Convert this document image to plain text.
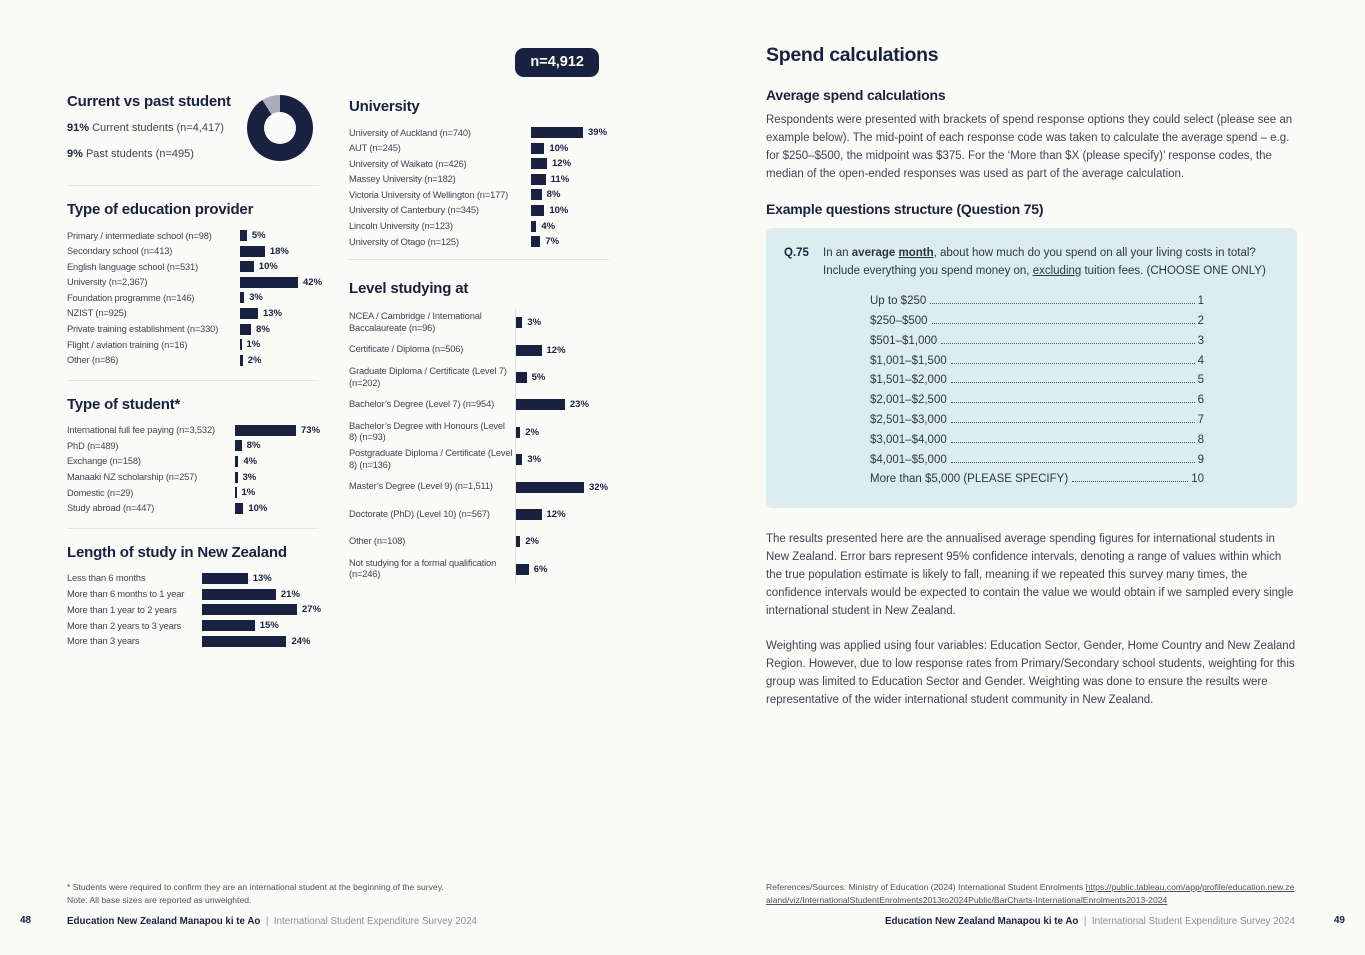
Current vs past student

91% Current students (n=4,417)

9% Past students (n=495)

Type of education provider
Primary / intermediate school (n=98)	5%
Secondary school (n=413)	18%
English language school (n=531)	10%
University (n=2,367)	42%
Foundation programme (n=146)	3%
NZIST (n=925)	13%
Private training establishment (n=330)	8%
Flight / aviation training (n=16)	1%
Other (n=86)	2%
Type of student*
International full fee paying (n=3,532)	73%
PhD (n=489)	8%
Exchange (n=158)	4%
Manaaki NZ scholarship (n=257)	3%
Domestic (n=29)	1%
Study abroad (n=447)	10%
Length of study in New Zealand
Less than 6 months	13%
More than 6 months to 1 year	21%
More than 1 year to 2 years	27%
More than 2 years to 3 years	15%
More than 3 years	24%
n=4,912
University
University of Auckland (n=740)	39%
AUT (n=245)	10%
University of Waikato (n=426)	12%
Massey University (n=182)	11%
Victoria University of Wellington (n=177)	8%
University of Canterbury (n=345)	10%
Lincoln University (n=123)	4%
University of Otago (n=125)	7%
Level studying at
NCEA / Cambridge / International Baccalaureate (n=96)	3%
Certificate / Diploma (n=506)	12%
Graduate Diploma / Certificate (Level 7) (n=202)	5%
Bachelor’s Degree (Level 7) (n=954)	23%
Bachelor’s Degree with Honours (Level 8) (n=93)	2%
Postgraduate Diploma / Certificate (Level 8) (n=136)	3%
Master’s Degree (Level 9) (n=1,511)	32%
Doctorate (PhD) (Level 10) (n=567)	12%
Other (n=108)	2%
Not studying for a formal qualification (n=246)	6%
Spend calculations
Average spend calculations

Respondents were presented with brackets of spend response options they could select (please see an example below). The mid-point of each response code was taken to calculate the average spend – e.g. for $250–$500, the midpoint was $375. For the ‘More than $X (please specify)’ response codes, the median of the open-ended responses was used as part of the average calculation.

Example questions structure (Question 75)
Q.75	In an average month, about how much do you spend on all your living costs in total?
Include everything you spend money on, excluding tuition fees. (CHOOSE ONE ONLY)
Up to $250	1
$250–$500	2
$501–$1,000	3
$1,001–$1,500	4
$1,501–$2,000	5
$2,001–$2,500	6
$2,501–$3,000	7
$3,001–$4,000	8
$4,001–$5,000	9
More than $5,000 (PLEASE SPECIFY)	10

The results presented here are the annualised average spending figures for international students in New Zealand. Error bars represent 95% confidence intervals, denoting a range of values within which the true population estimate is likely to fall, meaning if we repeated this survey many times, the confidence intervals would be expected to contain the value we would obtain if we sampled every single international student in New Zealand.

Weighting was applied using four variables: Education Sector, Gender, Home Country and New Zealand Region. However, due to low response rates from Primary/Secondary school students, weighting for this group was limited to Education Sector and Gender. Weighting was done to ensure the results were representative of the wider international student community in New Zealand.

* Students were required to confirm they are an international student at the beginning of the survey.
Note: All base sizes are reported as unweighted.
References/Sources: Ministry of Education (2024) International Student Enrolments https://public.tableau.com/app/profile/education.new.zealand/viz/InternationalStudentEnrolments2013to2024Public/BarCharts-InternationalEnrolments2013-2024
48	Education New Zealand Manapou ki te Ao  |  International Student Expenditure Survey 2024	Education New Zealand Manapou ki te Ao  |  International Student Expenditure Survey 2024	49
